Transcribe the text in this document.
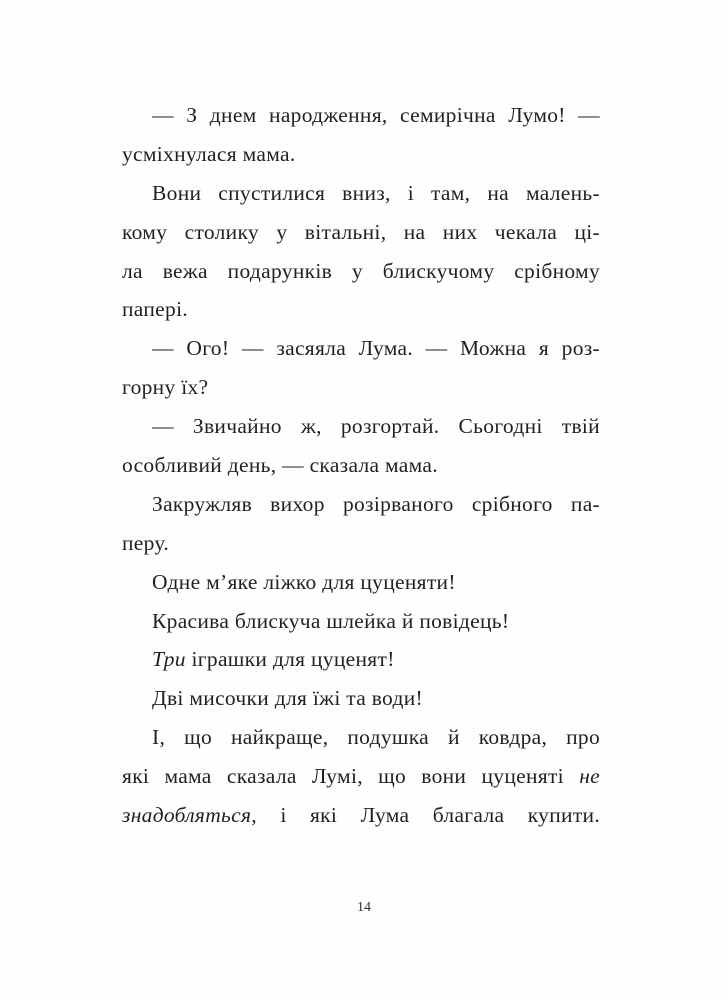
— З днем народження, семирічна Лумо! —
усміхнулася мама.
Вони спустилися вниз, і там, на малень-
кому столику у вітальні, на них чекала ці-
ла вежа подарунків у блискучому срібному
папері.
— Ого! — засяяла Лума. — Можна я роз-
горну їх?
— Звичайно ж, розгортай. Сьогодні твій
особливий день, — сказала мама.
Закружляв вихор розірваного срібного па-
перу.
Одне м’яке ліжко для цуценяти!
Красива блискуча шлейка й повідець!
Три іграшки для цуценят!
Дві мисочки для їжі та води!
І, що найкраще, подушка й ковдра, про
які мама сказала Лумі, що вони цуценяті не
знадобляться, і які Лума благала купити.
14
